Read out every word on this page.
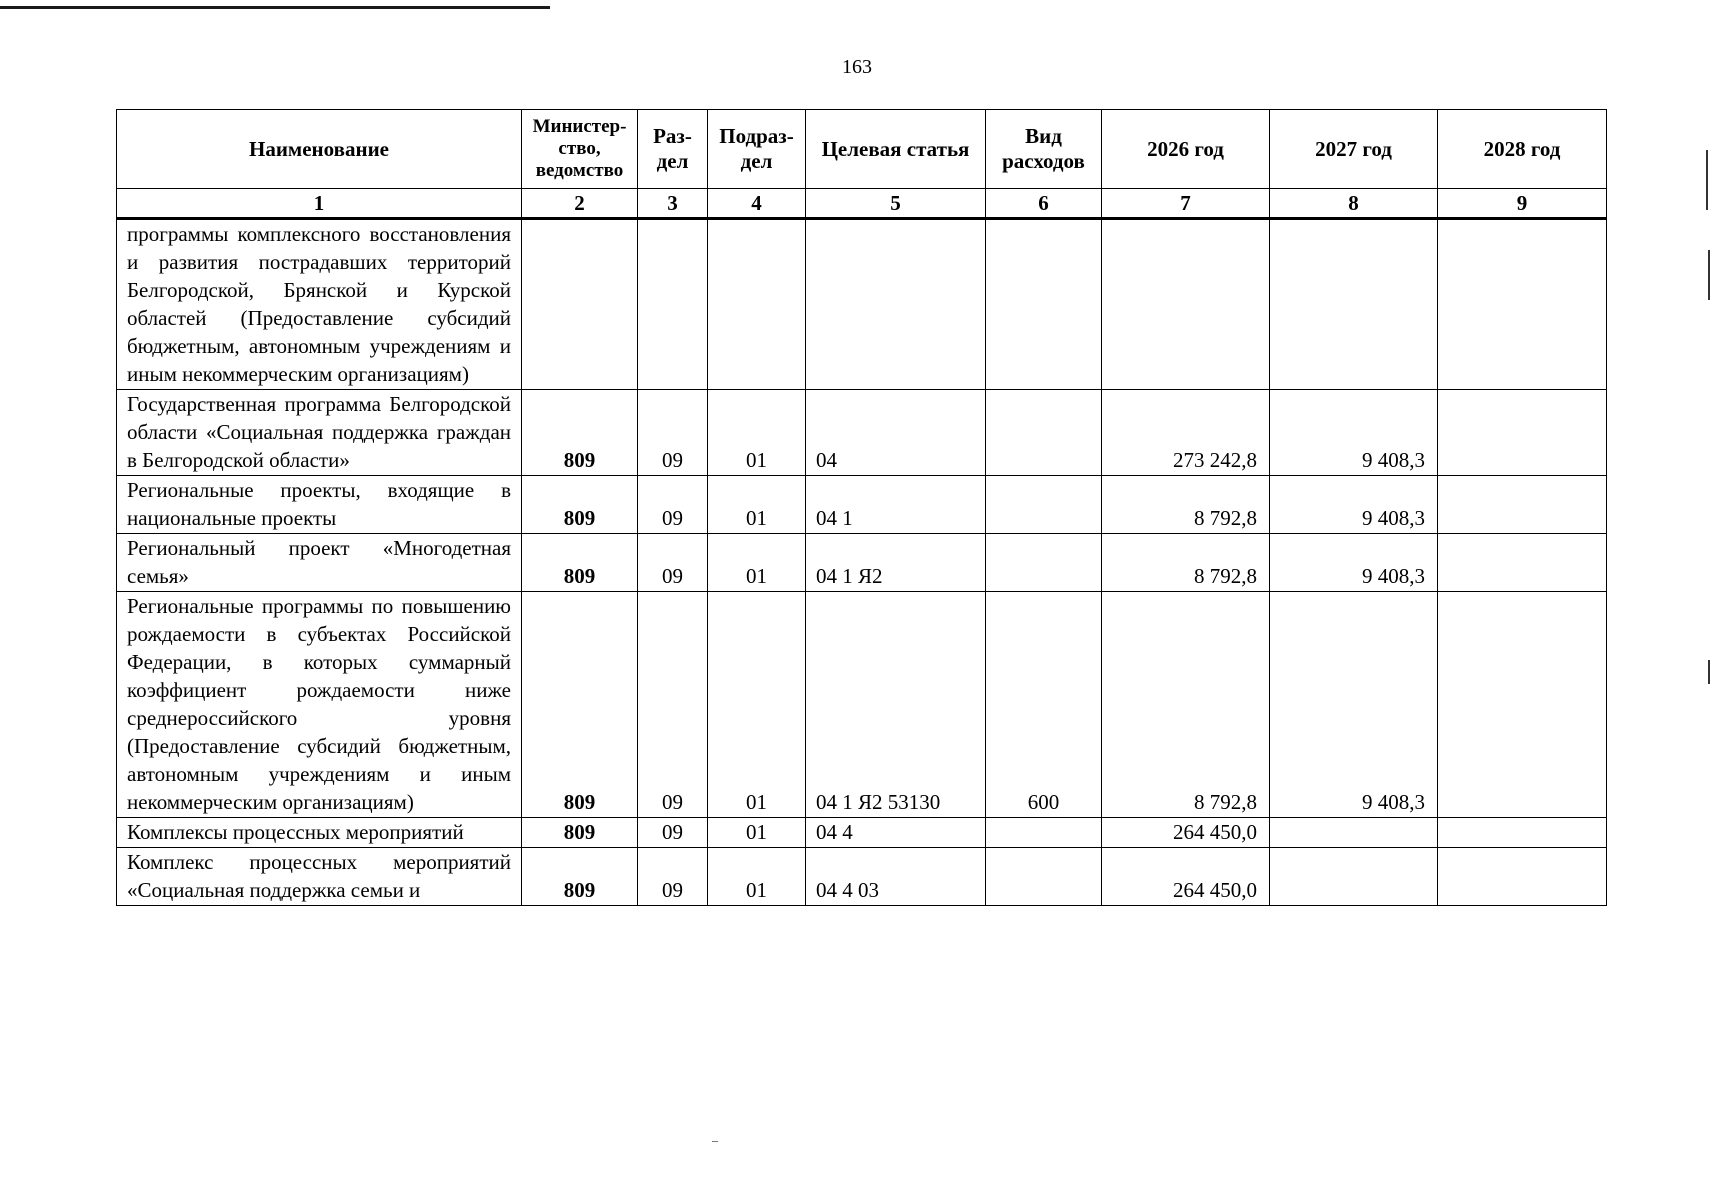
163
Наименование	Министер-ство, ведомство	Раз-дел	Подраз-дел	Целевая статья	Вид расходов	2026 год	2027 год	2028 год
1	2	3	4	5	6	7	8	9
программы комплексного восстановления и развития пострадавших территорий Белгородской, Брянской и Курской областей (Предоставление субсидий бюджетным, автономным учреждениям и иным некоммерческим организациям)								
Государственная программа Белгородской области «Социальная поддержка граждан в Белгородской области»	809	09	01	04		273 242,8	9 408,3	
Региональные проекты, входящие в национальные проекты	809	09	01	04 1		8 792,8	9 408,3	
Региональный проект «Многодетная семья»	809	09	01	04 1 Я2		8 792,8	9 408,3	
Региональные программы по повышению рождаемости в субъектах Российской Федерации, в которых суммарный коэффициент рождаемости ниже среднероссийского уровня (Предоставление субсидий бюджетным, автономным учреждениям и иным некоммерческим организациям)	809	09	01	04 1 Я2 53130	600	8 792,8	9 408,3	
Комплексы процессных мероприятий	809	09	01	04 4		264 450,0		
Комплекс процессных мероприятий «Социальная поддержка семьи и	809	09	01	04 4 03		264 450,0		
